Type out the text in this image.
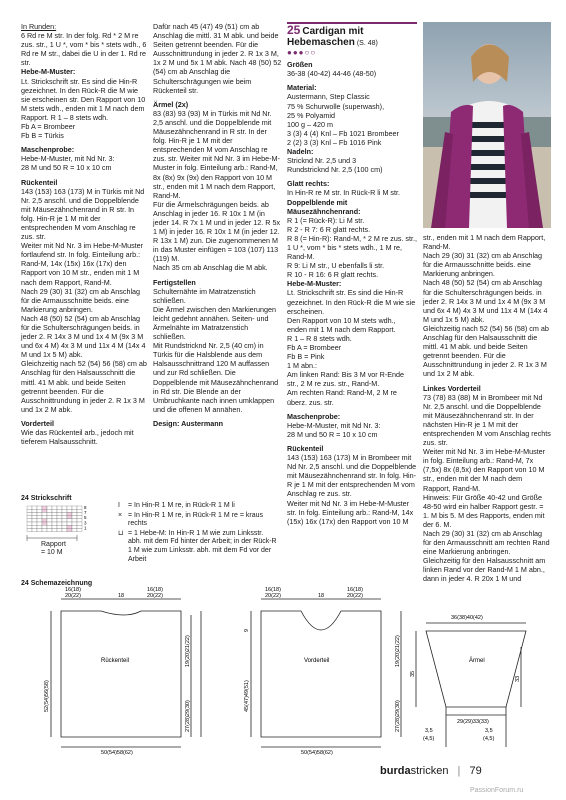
In Runden:

6 Rd re M str. In der folg. Rd * 2 M re zus. str., 1 U *, vom * bis * stets wdh., 6 Rd re M str., dabei die U in der 1. Rd re str.

Hebe-M-Muster:

Lt. Strickschrift str. Es sind die Hin-R gezeichnet. In den Rück-R die M wie sie erscheinen str. Den Rapport von 10 M stets wdh., enden mit 1 M nach dem Rapport. R 1 – 8 stets wdh.

Fb A = Brombeer
Fb B = Türkis

Maschenprobe:

Hebe-M-Muster, mit Nd Nr. 3:
28 M und 50 R = 10 x 10 cm

Rückenteil

143 (153) 163 (173) M in Türkis mit Nd Nr. 2,5 anschl. und die Doppelblende mit Mäusezähnchenrand in R str. In folg. Hin-R je 1 M mit der entsprechenden M vom Anschlag re zus. str.
Weiter mit Nd Nr. 3 im Hebe-M-Muster fortlaufend str. In folg. Einteilung arb.: Rand-M, 14x (15x) 16x (17x) den Rapport von 10 M str., enden mit 1 M nach dem Rapport, Rand-M.
Nach 29 (30) 31 (32) cm ab Anschlag für die Armausschnitte beids. eine Markierung anbringen.
Nach 48 (50) 52 (54) cm ab Anschlag für die Schulterschrägungen beids. in jeder 2. R 14x 3 M und 1x 4 M (9x 3 M und 6x 4 M) 4x 3 M und 11x 4 M (14x 4 M und 1x 5 M) abk.
Gleichzeitig nach 52 (54) 56 (58) cm ab Anschlag für den Halsausschnitt die mittl. 41 M abk. und beide Seiten getrennt beenden. Für die Ausschnittrundung in jeder 2. R 1x 3 M und 1x 2 M abk.

Vorderteil

Wie das Rückenteil arb., jedoch mit tieferem Halsausschnitt.

Dafür nach 45 (47) 49 (51) cm ab Anschlag die mittl. 31 M abk. und beide Seiten getrennt beenden. Für die Ausschnittrundung in jeder 2. R 1x 3 M, 1x 2 M und 5x 1 M abk. Nach 48 (50) 52 (54) cm ab Anschlag die Schulterschrägungen wie beim Rückenteil str.

Ärmel (2x)

83 (83) 93 (93) M in Türkis mit Nd Nr. 2,5 anschl. und die Doppelblende mit Mäusezähnchenrand in R str. In der folg. Hin-R je 1 M mit der entsprechenden M vom Anschlag re zus. str. Weiter mit Nd Nr. 3 im Hebe-M-Muster in folg. Einteilung arb.: Rand-M, 8x (8x) 9x (9x) den Rapport von 10 M str., enden mit 1 M nach dem Rapport, Rand-M.
Für die Ärmelschrägungen beids. ab Anschlag in jeder 16. R 10x 1 M (in jeder 14. R 7x 1 M und in jeder 12. R 5x 1 M) in jeder 16. R 10x 1 M (in jeder 12. R 13x 1 M) zun. Die zugenommenen M in das Muster einfügen = 103 (107) 113 (119) M.
Nach 35 cm ab Anschlag die M abk.

Fertigstellen

Schulternähte im Matratzenstich schließen.
Die Ärmel zwischen den Markierungen leicht gedehnt annähen. Seiten- und Ärmelnähte im Matratzenstich schließen.
Mit Rundstricknd Nr. 2,5 (40 cm) in Türkis für die Halsblende aus dem Halsausschnittrand 120 M auffassen und zur Rd schließen. Die Doppelblende mit Mäusezähnchenrand in Rd str. Die Blende an der Umbruchkante nach innen umklappen und die offenen M annähen.

Design: Austermann

25 Cardigan mit Hebemaschen (S. 48)
●●●○○

Größen

36-38 (40-42) 44-46 (48-50)

Material:

Austermann, Step Classic
75 % Schurwolle (superwash),
25 % Polyamid
100 g – 420 m
3 (3) 4 (4) Knl – Fb 1021 Brombeer
2 (2) 3 (3) Knl – Fb 1016 Pink

Nadeln:

Stricknd Nr. 2,5 und 3
Rundstricknd Nr. 2,5 (100 cm)

Glatt rechts:

In Hin-R re M str. In Rück-R li M str.

Doppelblende mit Mäusezähnchenrand:

R 1 (= Rück-R): Li M str.
R 2 - R 7: 6 R glatt rechts.
R 8 (= Hin-R): Rand-M, * 2 M re zus. str., 1 U *, vom * bis * stets wdh., 1 M re, Rand-M.
R 9: Li M str., U ebenfalls li str.
R 10 - R 16: 6 R glatt rechts.

Hebe-M-Muster:

Lt. Strickschrift str. Es sind die Hin-R gezeichnet. In den Rück-R die M wie sie erscheinen.
Den Rapport von 10 M stets wdh., enden mit 1 M nach dem Rapport.
R 1 – R 8 stets wdh.
Fb A = Brombeer
Fb B = Pink
1 M abn.:
Am linken Rand: Bis 3 M vor R-Ende str., 2 M re zus. str., Rand-M.
Am rechten Rand: Rand-M, 2 M re überz. zus. str.

Maschenprobe:

Hebe-M-Muster, mit Nd Nr. 3:
28 M und 50 R = 10 x 10 cm

Rückenteil

143 (153) 163 (173) M in Brombeer mit Nd Nr. 2,5 anschl. und die Doppelblende mit Mäusezähnchenrand str. In folg. Hin-R je 1 M mit der entsprechenden M vom Anschlag re zus. str.
Weiter mit Nd Nr. 3 im Hebe-M-Muster str. In folg. Einteilung arb.: Rand-M, 14x (15x) 16x (17x) den Rapport von 10 M

str., enden mit 1 M nach dem Rapport, Rand-M.
Nach 29 (30) 31 (32) cm ab Anschlag für die Armausschnitte beids. eine Markierung anbringen.
Nach 48 (50) 52 (54) cm ab Anschlag für die Schulterschrägungen beids. in jeder 2. R 14x 3 M und 1x 4 M (9x 3 M und 6x 4 M) 4x 3 M und 11x 4 M (14x 4 M und 1x 5 M) abk.
Gleichzeitig nach 52 (54) 56 (58) cm ab Anschlag für den Halsausschnitt die mittl. 41 M abk. und beide Seiten getrennt beenden. Für die Ausschnittrundung in jeder 2. R 1x 3 M und 1x 2 M abk.

Linkes Vorderteil

73 (78) 83 (88) M in Brombeer mit Nd Nr. 2,5 anschl. und die Doppelblende mit Mäusezähnchenrand str. In der nächsten Hin-R je 1 M mit der entsprechenden M vom Anschlag rechts zus. str.
Weiter mit Nd Nr. 3 im Hebe-M-Muster in folg. Einteilung arb.: Rand-M, 7x (7,5x) 8x (8,5x) den Rapport von 10 M str., enden mit der M nach dem Rapport, Rand-M.
Hinweis: Für Größe 40-42 und Größe 48-50 wird ein halber Rapport gestr. = 1. M bis 5. M des Rapports, enden mit der 6. M.
Nach 29 (30) 31 (32) cm ab Anschlag für den Armausschnitt am rechten Rand eine Markierung anbringen.
Gleichzeitig für den Halsausschnitt am linken Rand vor der Rand-M 1 M abn., dann in jeder 4. R 20x 1 M und

24 Strickschrift
8
7
5
3
1
Rapport
= 10 M
I	= In Hin-R 1 M re, in Rück-R 1 M li
× = In Hin-R 1 M re, in Rück-R 1 M re = kraus rechts
⊔ = 1 Hebe-M: In Hin-R 1 M wie zum Linksstr. abh. mit dem Fd hinter der Arbeit; in der Rück-R 1 M wie zum Linksstr. abh. mit dem Fd vor der Arbeit
24 Schemazeichnung
Rückenteil
16(18) 20(22)	18
16(18) 20(22)
52(54)56(58)
19(20)21(22)
27(28)29(30)
50(54)58(62)
Vorderteil
16(18) 20(22)	18
16(18) 20(22)
45(47)49(51)
9
19(20)21(22)
27(28)29(30)
50(54)58(62)
36(38)40(42)
Ärmel
35
33
29(29)33(33)
3,5
(4,5)
3,5
(4,5)
burdastricken | 79
PassionForum.ru
